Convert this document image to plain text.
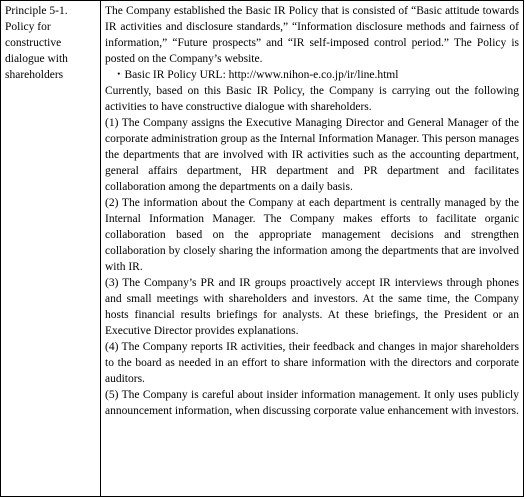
Principle 5-1.
Policy for constructive dialogue with shareholders

The Company established the Basic IR Policy that is consisted of “Basic attitude towards IR activities and disclosure standards,” “Information disclosure methods and fairness of information,” “Future prospects” and “IR self-imposed control period.” The Policy is posted on the Company’s website.
・Basic IR Policy URL: http://www.nihon-e.co.jp/ir/line.html
Currently, based on this Basic IR Policy, the Company is carrying out the following activities to have constructive dialogue with shareholders.
(1) The Company assigns the Executive Managing Director and General Manager of the corporate administration group as the Internal Information Manager. This person manages the departments that are involved with IR activities such as the accounting department, general affairs department, HR department and PR department and facilitates collaboration among the departments on a daily basis.
(2) The information about the Company at each department is centrally managed by the Internal Information Manager. The Company makes efforts to facilitate organic collaboration based on the appropriate management decisions and strengthen collaboration by closely sharing the information among the departments that are involved with IR.
(3) The Company’s PR and IR groups proactively accept IR interviews through phones and small meetings with shareholders and investors. At the same time, the Company hosts financial results briefings for analysts. At these briefings, the President or an Executive Director provides explanations.
(4) The Company reports IR activities, their feedback and changes in major shareholders to the board as needed in an effort to share information with the directors and corporate auditors.
(5) The Company is careful about insider information management. It only uses publicly announcement information, when discussing corporate value enhancement with investors.
